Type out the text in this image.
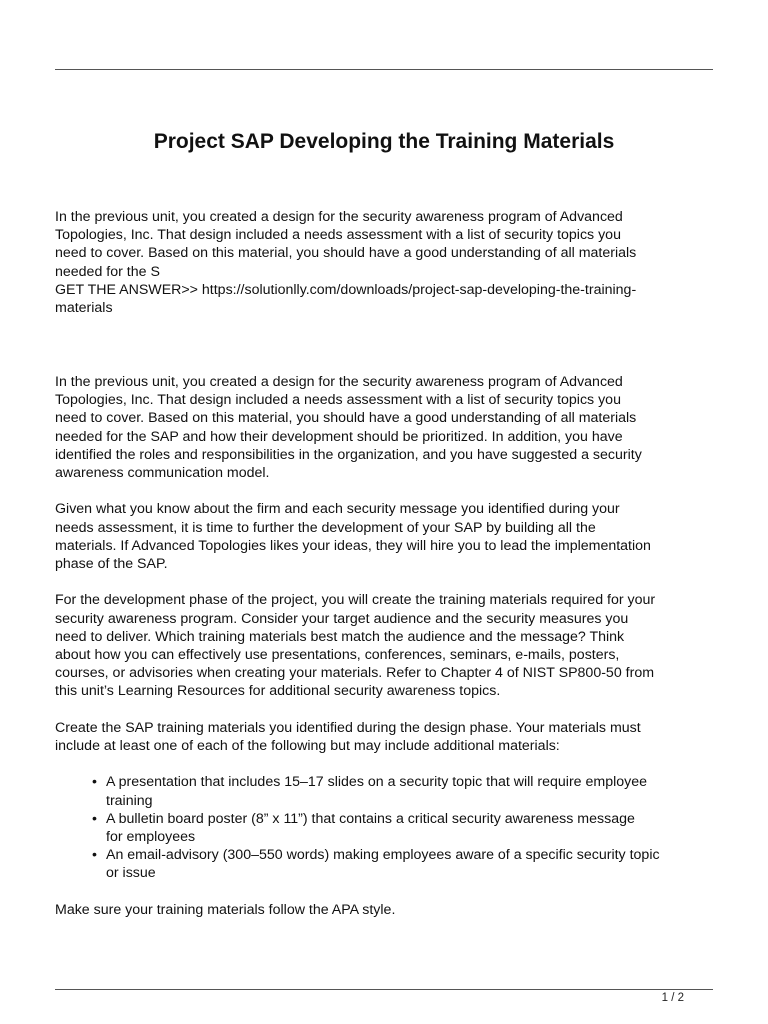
Project SAP Developing the Training Materials

In the previous unit, you created a design for the security awareness program of Advanced

Topologies, Inc. That design included a needs assessment with a list of security topics you

need to cover. Based on this material, you should have a good understanding of all materials

needed for the S

GET THE ANSWER>> https://solutionlly.com/downloads/project-sap-developing-the-training-

materials

In the previous unit, you created a design for the security awareness program of Advanced
Topologies, Inc. That design included a needs assessment with a list of security topics you
need to cover. Based on this material, you should have a good understanding of all materials
needed for the SAP and how their development should be prioritized. In addition, you have
identified the roles and responsibilities in the organization, and you have suggested a security
awareness communication model.

Given what you know about the firm and each security message you identified during your
needs assessment, it is time to further the development of your SAP by building all the
materials. If Advanced Topologies likes your ideas, they will hire you to lead the implementation
phase of the SAP.

For the development phase of the project, you will create the training materials required for your
security awareness program. Consider your target audience and the security measures you
need to deliver. Which training materials best match the audience and the message? Think
about how you can effectively use presentations, conferences, seminars, e-mails, posters,
courses, or advisories when creating your materials. Refer to Chapter 4 of NIST SP800-50 from
this unit’s Learning Resources for additional security awareness topics.

Create the SAP training materials you identified during the design phase. Your materials must
include at least one of each of the following but may include additional materials:

• A presentation that includes 15–17 slides on a security topic that will require employee
training
• A bulletin board poster (8” x 11”) that contains a critical security awareness message
for employees
• An email-advisory (300–550 words) making employees aware of a specific security topic
or issue

Make sure your training materials follow the APA style.

1 / 2
